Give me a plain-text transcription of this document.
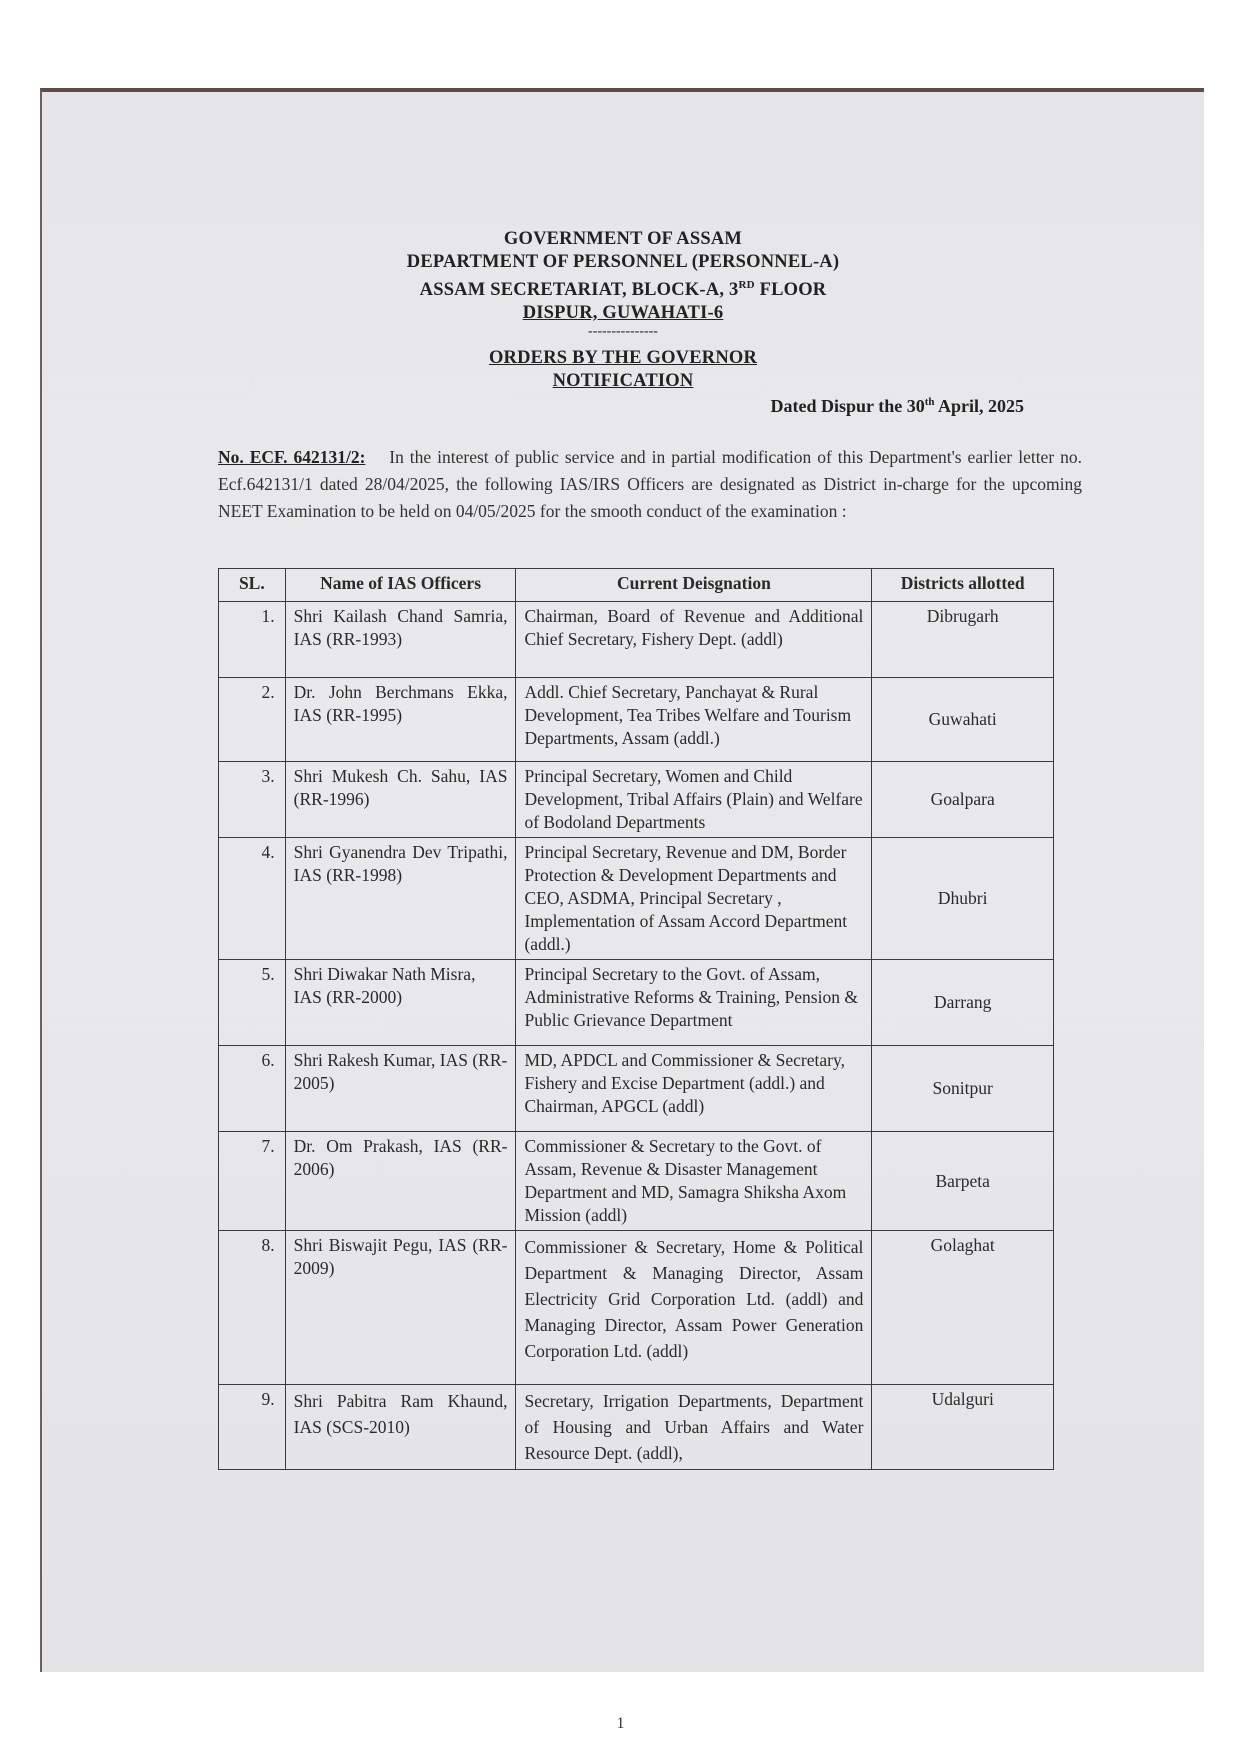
GOVERNMENT OF ASSAM
DEPARTMENT OF PERSONNEL (PERSONNEL-A)
ASSAM SECRETARIAT, BLOCK-A, 3RD FLOOR
DISPUR, GUWAHATI-6
---------------
ORDERS BY THE GOVERNOR
NOTIFICATION
Dated Dispur the 30th April, 2025
No. ECF. 642131/2: In the interest of public service and in partial modification of this Department's earlier letter no. Ecf.642131/1 dated 28/04/2025, the following IAS/IRS Officers are designated as District in-charge for the upcoming NEET Examination to be held on 04/05/2025 for the smooth conduct of the examination :
SL.	Name of IAS Officers	Current Deisgnation	Districts allotted
1.	Shri Kailash Chand Samria, IAS (RR-1993)	Chairman, Board of Revenue and Additional Chief Secretary, Fishery Dept. (addl)	Dibrugarh
2.	Dr. John Berchmans Ekka, IAS (RR-1995)	Addl. Chief Secretary, Panchayat & Rural Development, Tea Tribes Welfare and Tourism Departments, Assam (addl.)	Guwahati
3.	Shri Mukesh Ch. Sahu, IAS (RR-1996)	Principal Secretary, Women and Child Development, Tribal Affairs (Plain) and Welfare of Bodoland Departments	Goalpara
4.	Shri Gyanendra Dev Tripathi, IAS (RR-1998)	Principal Secretary, Revenue and DM, Border Protection & Development Departments and CEO, ASDMA, Principal Secretary , Implementation of Assam Accord Department (addl.)	Dhubri
5.	Shri Diwakar Nath Misra, IAS (RR-2000)	Principal Secretary to the Govt. of Assam, Administrative Reforms & Training, Pension & Public Grievance Department	Darrang
6.	Shri Rakesh Kumar, IAS (RR-2005)	MD, APDCL and Commissioner & Secretary, Fishery and Excise Department (addl.) and Chairman, APGCL (addl)	Sonitpur
7.	Dr. Om Prakash, IAS (RR-2006)	Commissioner & Secretary to the Govt. of Assam, Revenue & Disaster Management Department and MD, Samagra Shiksha Axom Mission (addl)	Barpeta
8.	Shri Biswajit Pegu, IAS (RR-2009)	Commissioner & Secretary, Home & Political Department & Managing Director, Assam Electricity Grid Corporation Ltd. (addl) and Managing Director, Assam Power Generation Corporation Ltd. (addl)	Golaghat
9.	Shri Pabitra Ram Khaund, IAS (SCS-2010)	Secretary, Irrigation Departments, Department of Housing and Urban Affairs and Water Resource Dept. (addl),	Udalguri
1
